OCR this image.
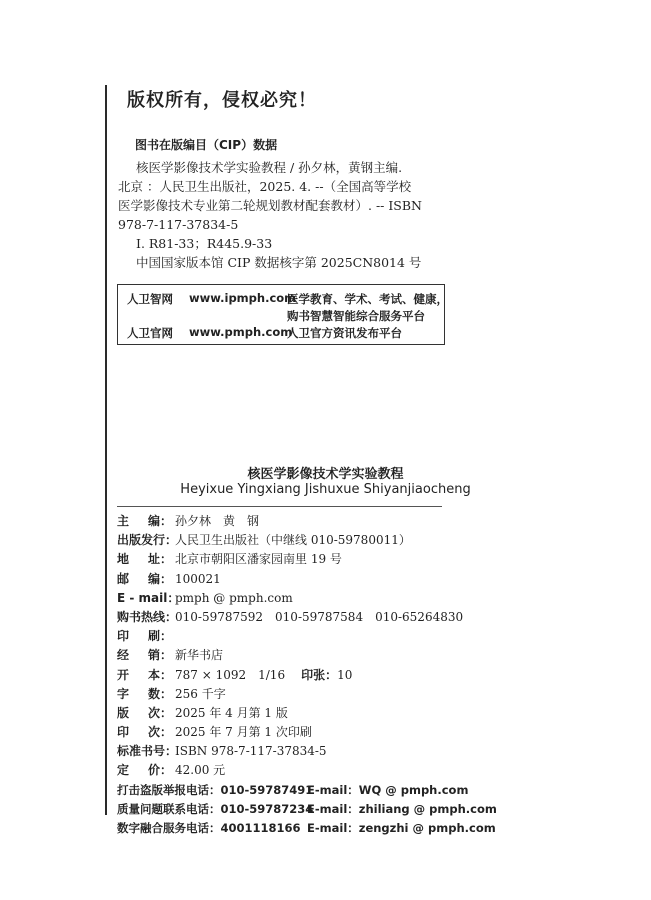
版权所有，侵权必究！
图书在版编目（CIP）数据
核医学影像技术学实验教程 / 孙夕林，黄钢主编.
北京 ：人民卫生出版社，2025. 4. --（全国高等学校
医学影像技术专业第二轮规划教材配套教材）. -- ISBN
978-7-117-37834-5
Ⅰ. R81-33；R445.9-33
中国国家版本馆 CIP 数据核字第 2025CN8014 号
人卫智网 www.ipmph.com
医学教育、学术、考试、健康，
购书智慧智能综合服务平台
人卫官网 www.pmph.com
人卫官方资讯发布平台
核医学影像技术学实验教程
Heyixue Yingxiang Jishuxue Shiyanjiaocheng
主 编： 孙夕林　黄　钢
出版发行：
人民卫生出版社（中继线 010-59780011）
地 址： 北京市朝阳区潘家园南里 19 号
邮 编： 100021
E - mail：
pmph @ pmph.com
购书热线：
010-59787592　010-59787584　010-65264830
印 刷：
经 销： 新华书店
开 本： 787 × 1092　1/16 印张：10
字 数： 256 千字
版 次： 2025 年 4 月第 1 版
印 次： 2025 年 7 月第 1 次印刷
标准书号：
ISBN 978-7-117-37834-5
定 价： 42.00 元
打击盗版举报电话：010-59787491
E-mail：WQ @ pmph.com
质量问题联系电话：010-59787234
E-mail：zhiliang @ pmph.com
数字融合服务电话：4001118166 E-mail：zengzhi @ pmph.com
